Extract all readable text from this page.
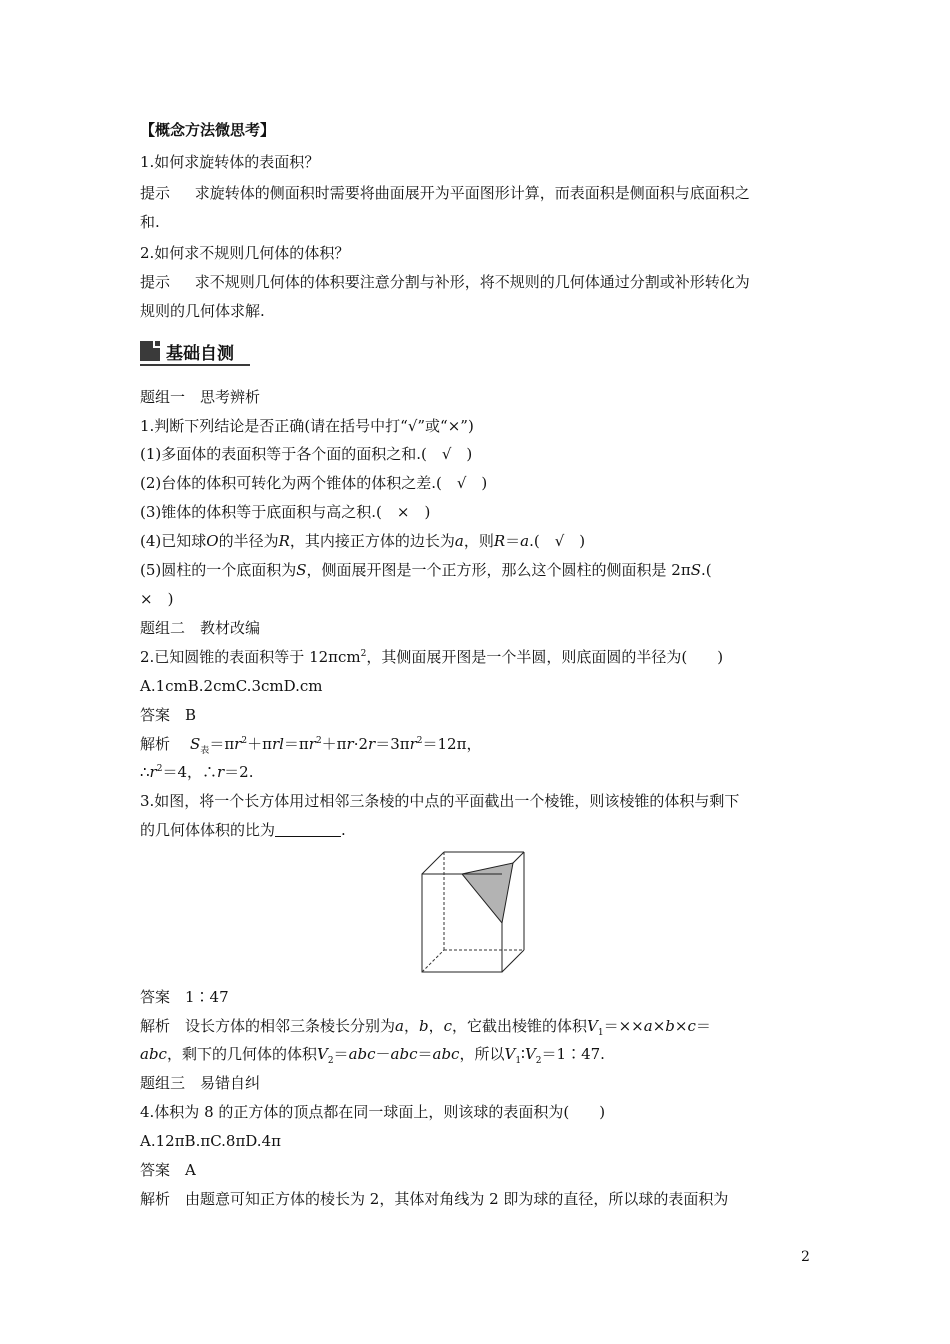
【概念方法微思考】
1.如何求旋转体的表面积？
提示 求旋转体的侧面积时需要将曲面展开为平面图形计算，而表面积是侧面积与底面积之
和.
2.如何求不规则几何体的体积？
提示 求不规则几何体的体积要注意分割与补形，将不规则的几何体通过分割或补形转化为
规则的几何体求解.
基础自测
题组一　思考辨析
1.判断下列结论是否正确(请在括号中打“√”或“×”)
(1)多面体的表面积等于各个面的面积之和.(　√　)
(2)台体的体积可转化为两个锥体的体积之差.(　√　)
(3)锥体的体积等于底面积与高之积.(　×　)
(4)已知球O的半径为R，其内接正方体的边长为a，则R＝a.(　√　)
(5)圆柱的一个底面积为S，侧面展开图是一个正方形，那么这个圆柱的侧面积是 2πS.(
×　)
题组二　教材改编
2.已知圆锥的表面积等于 12πcm$^2$，其侧面展开图是一个半圆，则底面圆的半径为(　　)
A.1cmB.2cmC.3cmD.cm
答案　B
解析 $S_表=\pi r^2+\pi rl=\pi r^2+\pi r\cdot 2r=3\pi r^2=12\pi$，
$\therefore r^2=4$，∴r＝2.
3.如图，将一个长方体用过相邻三条棱的中点的平面截出一个棱锥，则该棱锥的体积与剩下
的几何体体积的比为	.
答案　1∶47
解析　设长方体的相邻三条棱长分别为a，b，c，它截出棱锥的体积$V_1=\times\times a\times b\times c=$
abc，剩下的几何体的体积$V_2=abc-abc=abc$，所以$V_1∶V_2=1∶47$.
题组三　易错自纠
4.体积为 8 的正方体的顶点都在同一球面上，则该球的表面积为(　　)
A.12πB.πC.8πD.4π
答案　A
解析　由题意可知正方体的棱长为 2，其体对角线为 2 即为球的直径，所以球的表面积为
2
